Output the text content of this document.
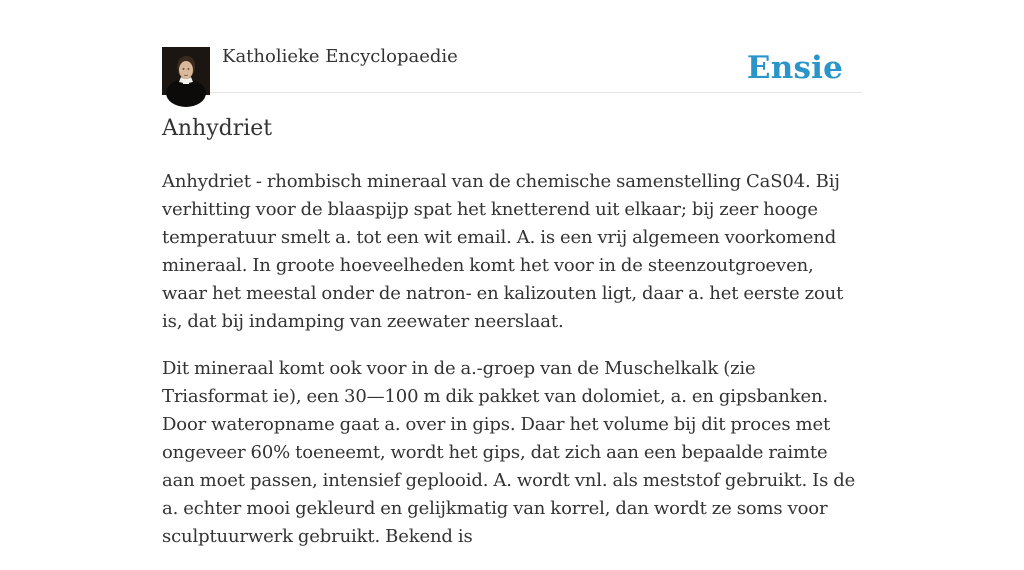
Katholieke Encyclopaedie	Ensie
Anhydriet

Anhydriet - rhombisch mineraal van de chemische samenstelling CaS04. Bij verhitting voor de blaaspijp spat het knetterend uit elkaar; bij zeer hooge temperatuur smelt a. tot een wit email. A. is een vrij algemeen voorkomend mineraal. In groote hoeveelheden komt het voor in de steenzoutgroeven, waar het meestal onder de natron- en kalizouten ligt, daar a. het eerste zout is, dat bij indamping van zeewater neerslaat.

Dit mineraal komt ook voor in de a.-groep van de Muschelkalk (zie Triasformat ie), een 30—100 m dik pakket van dolomiet, a. en gipsbanken. Door wateropname gaat a. over in gips. Daar het volume bij dit proces met ongeveer 60% toeneemt, wordt het gips, dat zich aan een bepaalde raimte aan moet passen, intensief geplooid. A. wordt vnl. als meststof gebruikt. Is de a. echter mooi gekleurd en gelijkmatig van korrel, dan wordt ze soms voor sculptuurwerk gebruikt. Bekend is
